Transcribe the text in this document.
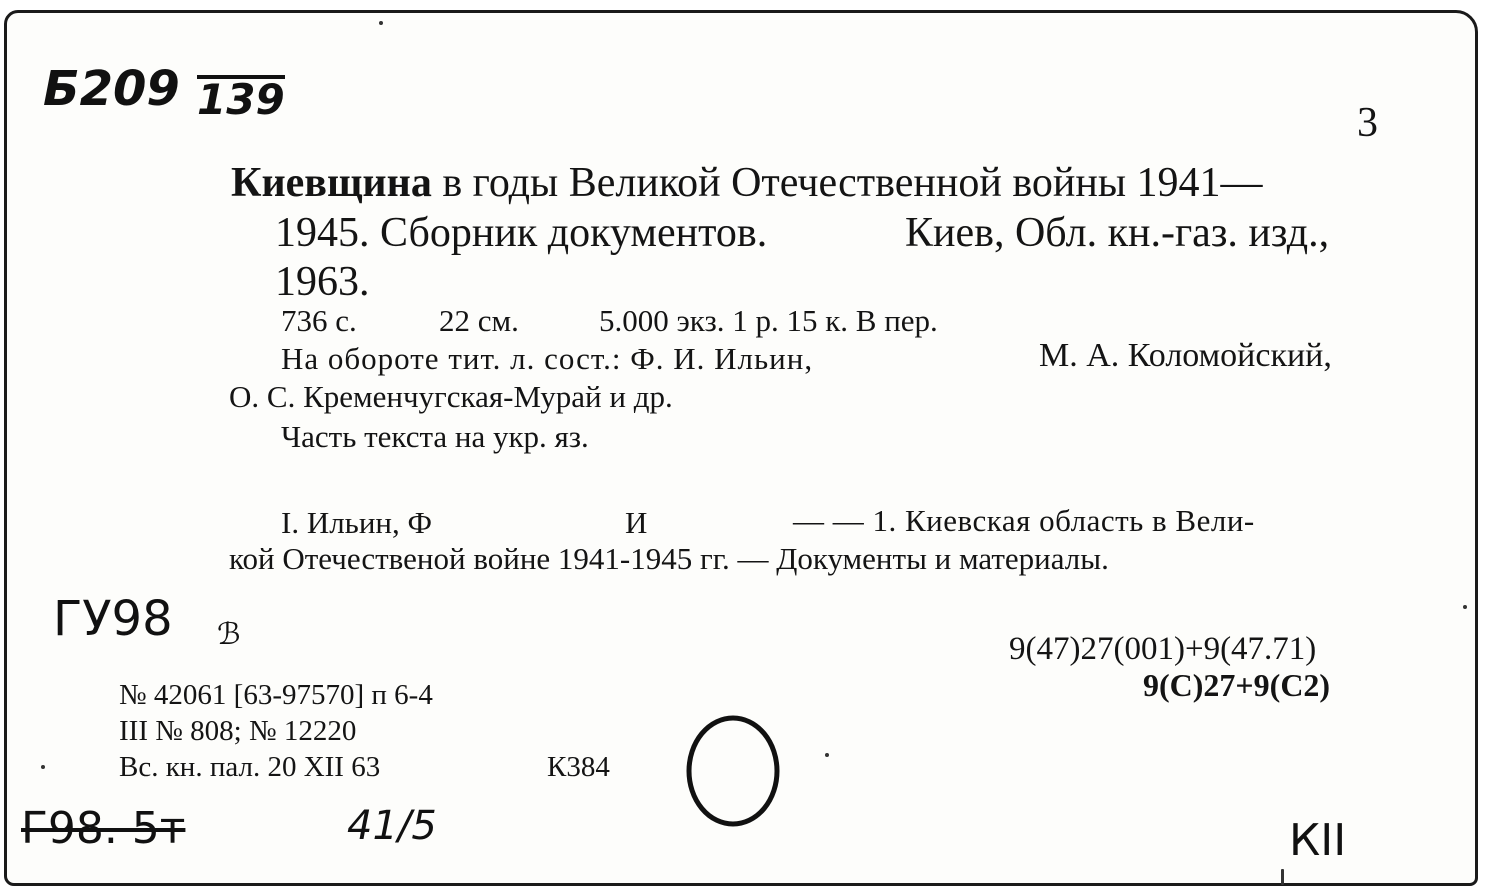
Б209 139	3
Киевщина в годы Великой Отечественной войны 1941—
1945. Сборник документов.	Киев, Обл. кн.-газ. изд.,
1963.
736 с.	22 см.	5.000 экз. 1 р. 15 к. В пер.
На обороте тит. л. сост.: Ф. И. Ильин,	М. А. Коломойский,
О. С. Кременчугская-Мурай и др.
Часть текста на укр. яз.
I. Ильин, Ф	И	— — 1. Киевская область в Вели-
кой Отечественой войне 1941-1945 гг. — Документы и материалы.
ГУ98 ℬ	9(47)27(001)+9(47.71)
9(С)27+9(С2)
№ 42061 [63-97570] п 6-4
III № 808; № 12220
Вс. кн. пал. 20 XII 63	К384
Г98. 5т	41/5	КII
